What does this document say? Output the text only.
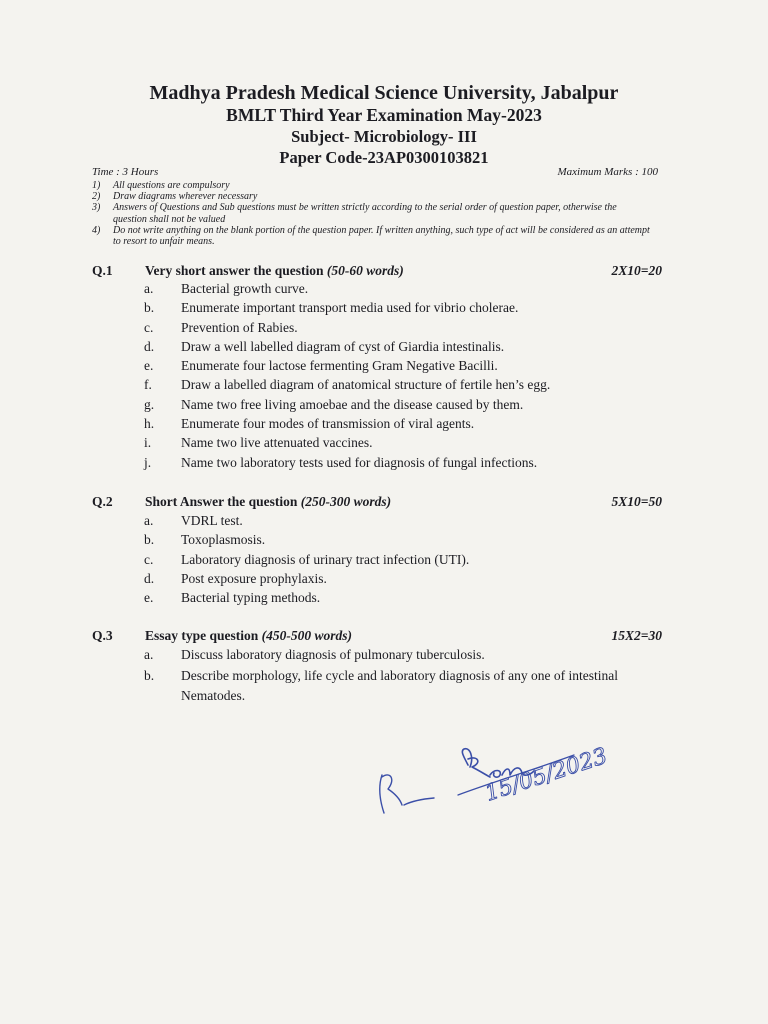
Madhya Pradesh Medical Science University, Jabalpur
BMLT Third Year Examination May-2023
Subject- Microbiology- III
Paper Code-23AP0300103821
Time : 3 Hours	Maximum Marks : 100
1)	All questions are compulsory
2)	Draw diagrams wherever necessary
3)	Answers of Questions and Sub questions must be written strictly according to the serial order of question paper, otherwise the question shall not be valued
4)	Do not write anything on the blank portion of the question paper. If written anything, such type of act will be considered as an attempt to resort to unfair means.
Q.1 Very short answer the question (50-60 words)	2X10=20
a.	Bacterial growth curve.
b.	Enumerate important transport media used for vibrio cholerae.
c.	Prevention of Rabies.
d.	Draw a well labelled diagram of cyst of Giardia intestinalis.
e.	Enumerate four lactose fermenting Gram Negative Bacilli.
f.	Draw a labelled diagram of anatomical structure of fertile hen’s egg.
g.	Name two free living amoebae and the disease caused by them.
h.	Enumerate four modes of transmission of viral agents.
i.	Name two live attenuated vaccines.
j.	Name two laboratory tests used for diagnosis of fungal infections.
Q.2 Short Answer the question (250-300 words)	5X10=50
a.	VDRL test.
b.	Toxoplasmosis.
c.	Laboratory diagnosis of urinary tract infection (UTI).
d.	Post exposure prophylaxis.
e.	Bacterial typing methods.
Q.3 Essay type question (450-500 words)	15X2=30
a.	Discuss laboratory diagnosis of pulmonary tuberculosis.
b.	Describe morphology, life cycle and laboratory diagnosis of any one of intestinal Nematodes.
15/05/2023
